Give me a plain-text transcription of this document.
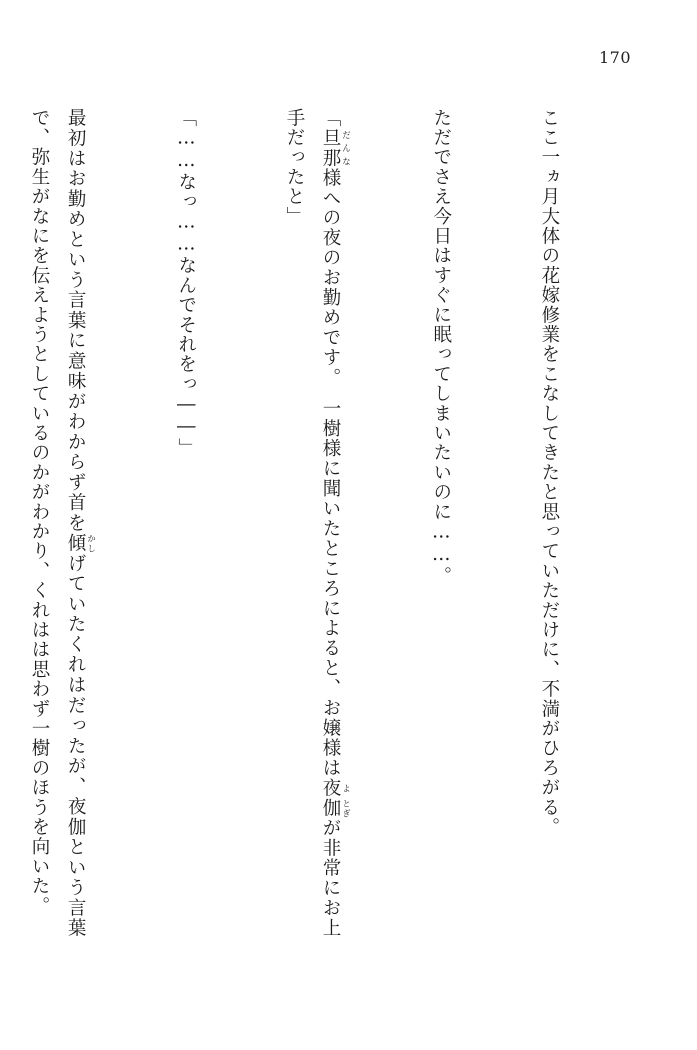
170

ここ一ヵ月大体の花嫁修業をこなしてきたと思っていただけに、不満がひろがる。

ただでさえ今日はすぐに眠ってしまいたいのに……。

「旦那 だんな様への夜のお勤めです。　一樹様に聞いたところによると、お嬢様は夜 よ伽 とぎが非常にお上手だったと」

「……なっ……なんでそれをっ――」

最初はお勤めという言葉に意味がわからず首を傾 かしげていたくれはだったが、夜伽という言葉で、弥生がなにを伝えようとしているのかがわかり、くれはは思わず一樹のほうを向いた。
